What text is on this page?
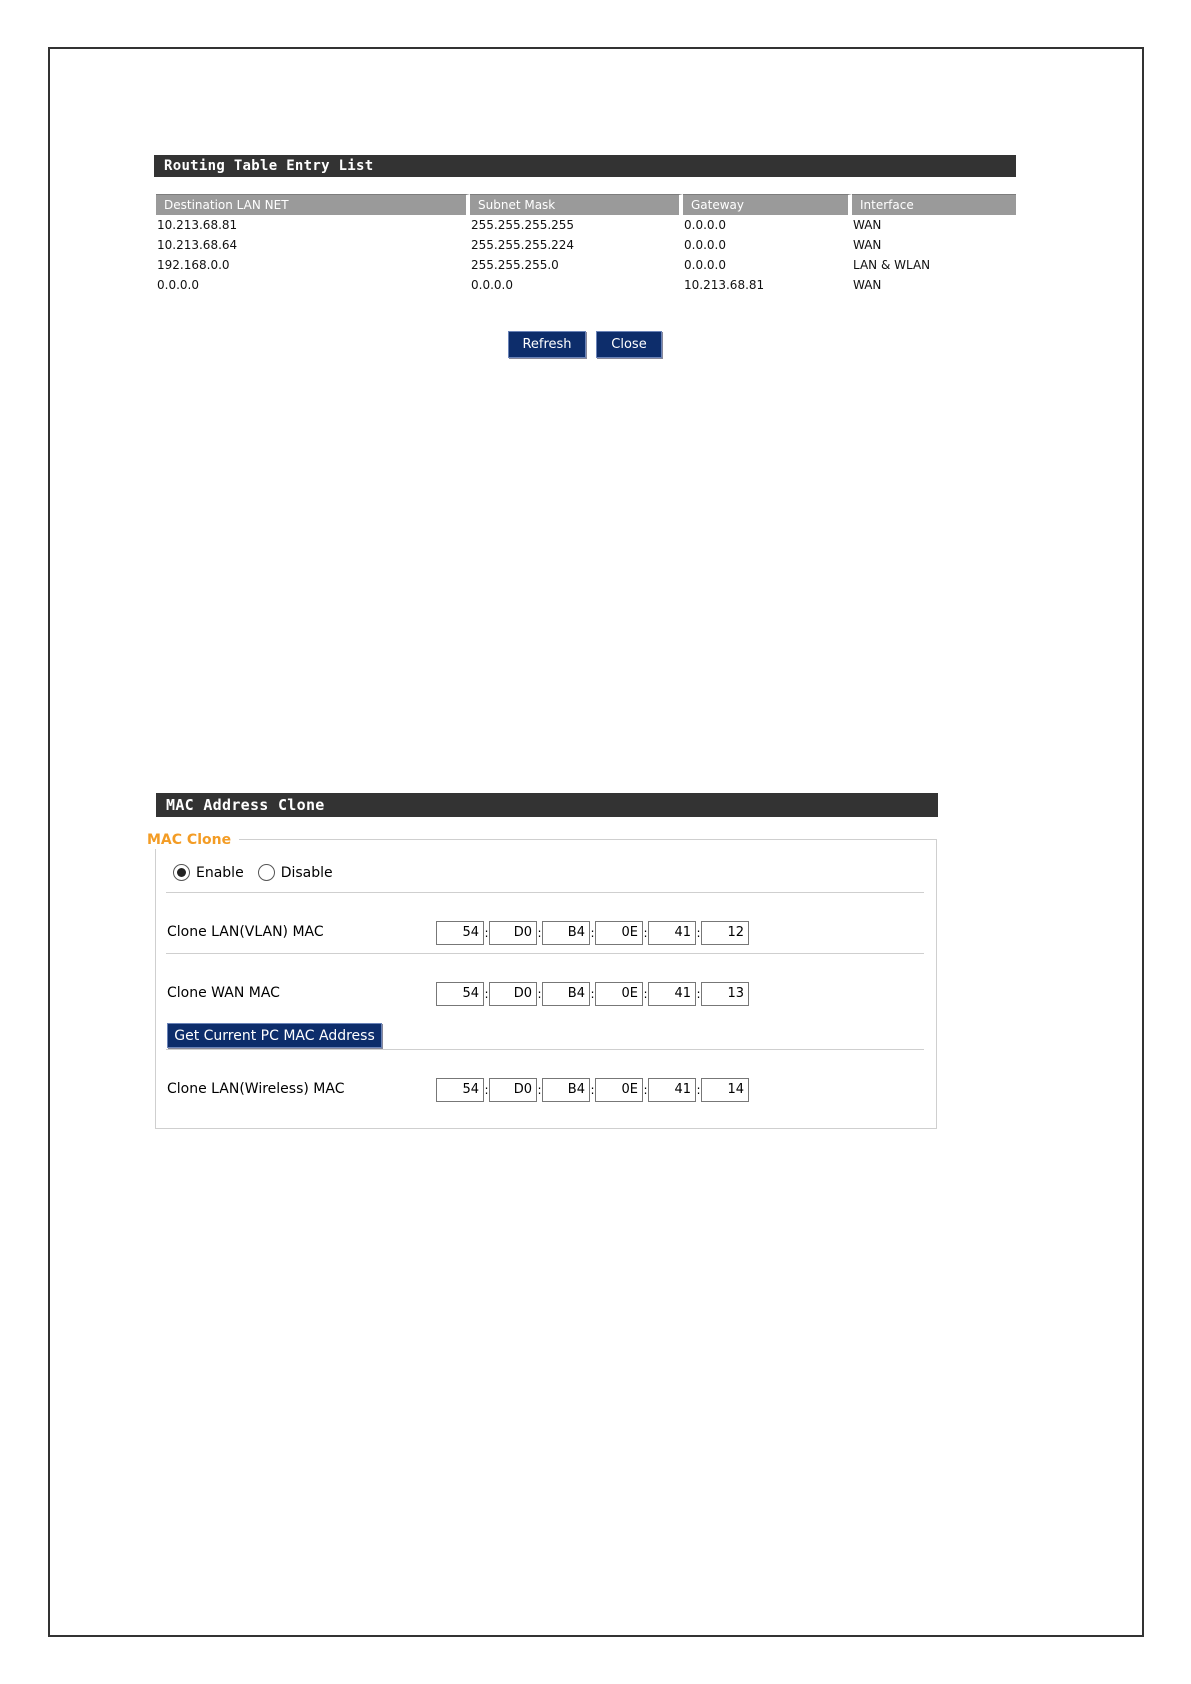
Routing Table Entry List
Destination LAN NET	Subnet Mask	Gateway	Interface
10.213.68.81	255.255.255.255	0.0.0.0	WAN
10.213.68.64	255.255.255.224	0.0.0.0	WAN
192.168.0.0	255.255.255.0	0.0.0.0	LAN & WLAN
0.0.0.0	0.0.0.0	10.213.68.81	WAN
Refresh	Close
MAC Address Clone
MAC Clone
Enable	Disable
Clone LAN(VLAN) MAC	54 :	D0 :	B4 :	0E :	41 :	12
Clone WAN MAC	54 :	D0 :	B4 :	0E :	41 :	13
Get Current PC MAC Address
Clone LAN(Wireless) MAC	54 :	D0 :	B4 :	0E :	41 :	14
